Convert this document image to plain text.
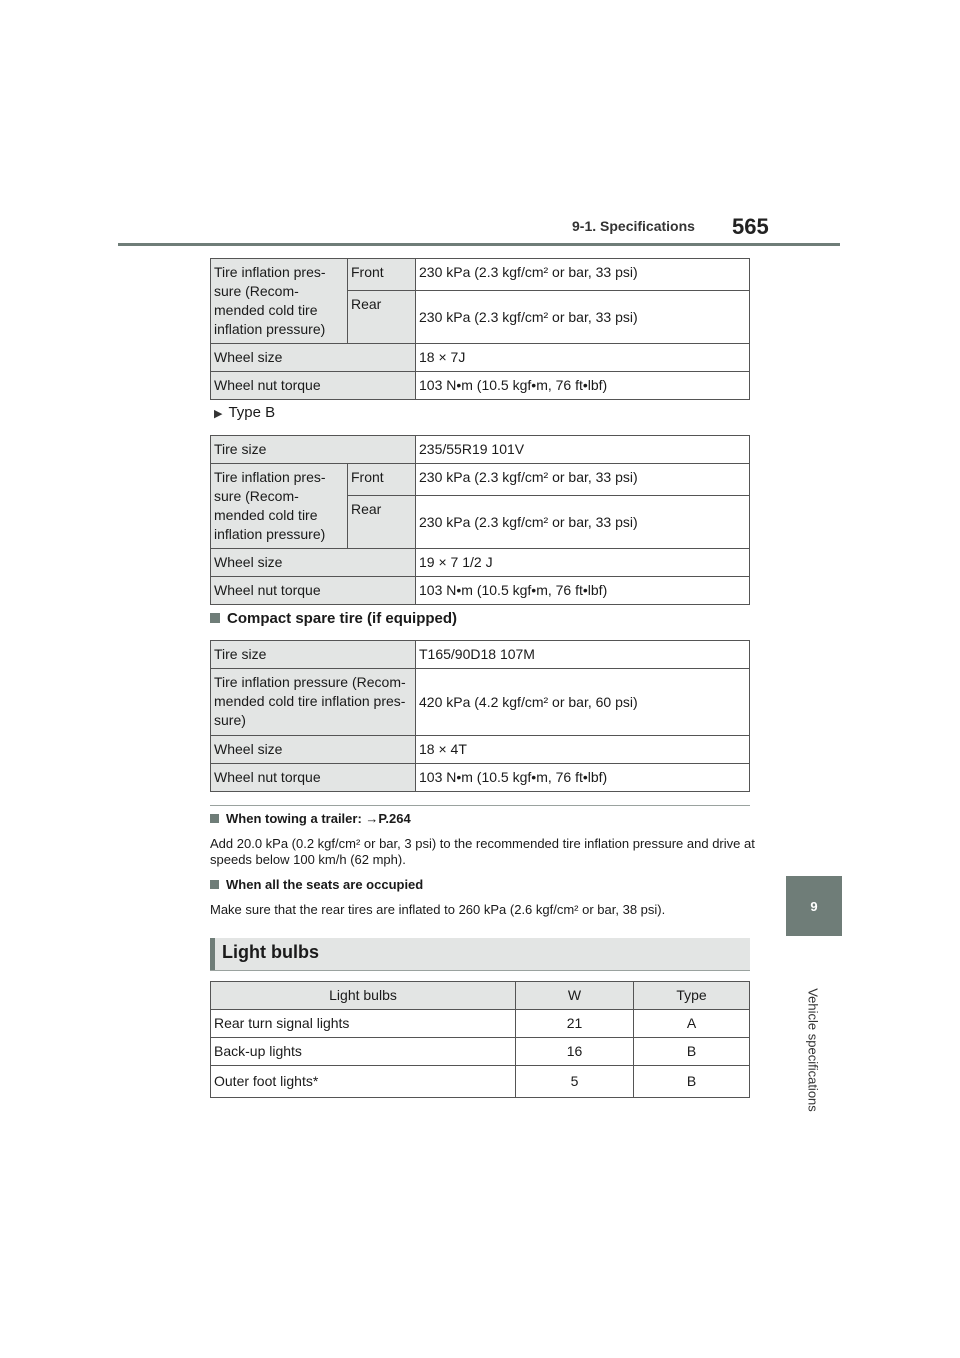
9-1. Specifications 565
9
Vehicle specifications
Tire inflation pres-sure (Recom-mended cold tire inflation pressure)	Front	230 kPa (2.3 kgf/cm² or bar, 33 psi)
	Rear	230 kPa (2.3 kgf/cm² or bar, 33 psi)
Wheel size		18 × 7J
Wheel nut torque		103 N•m (10.5 kgf•m, 76 ft•lbf)
▶ Type B
Tire size		235/55R19 101V
Tire inflation pres-sure (Recom-mended cold tire inflation pressure)	Front	230 kPa (2.3 kgf/cm² or bar, 33 psi)
	Rear	230 kPa (2.3 kgf/cm² or bar, 33 psi)
Wheel size		19 × 7 1/2 J
Wheel nut torque		103 N•m (10.5 kgf•m, 76 ft•lbf)
Compact spare tire (if equipped)
Tire size	T165/90D18 107M
Tire inflation pressure (Recom-mended cold tire inflation pres-sure)	420 kPa (4.2 kgf/cm² or bar, 60 psi)
Wheel size	18 × 4T
Wheel nut torque	103 N•m (10.5 kgf•m, 76 ft•lbf)
When towing a trailer: →P.264
Add 20.0 kPa (0.2 kgf/cm² or bar, 3 psi) to the recommended tire inflation pressure and drive at speeds below 100 km/h (62 mph).
When all the seats are occupied
Make sure that the rear tires are inflated to 260 kPa (2.6 kgf/cm² or bar, 38 psi).
Light bulbs
Light bulbs	W	Type
Rear turn signal lights	21	A
Back-up lights	16	B
Outer foot lights*	5	B
